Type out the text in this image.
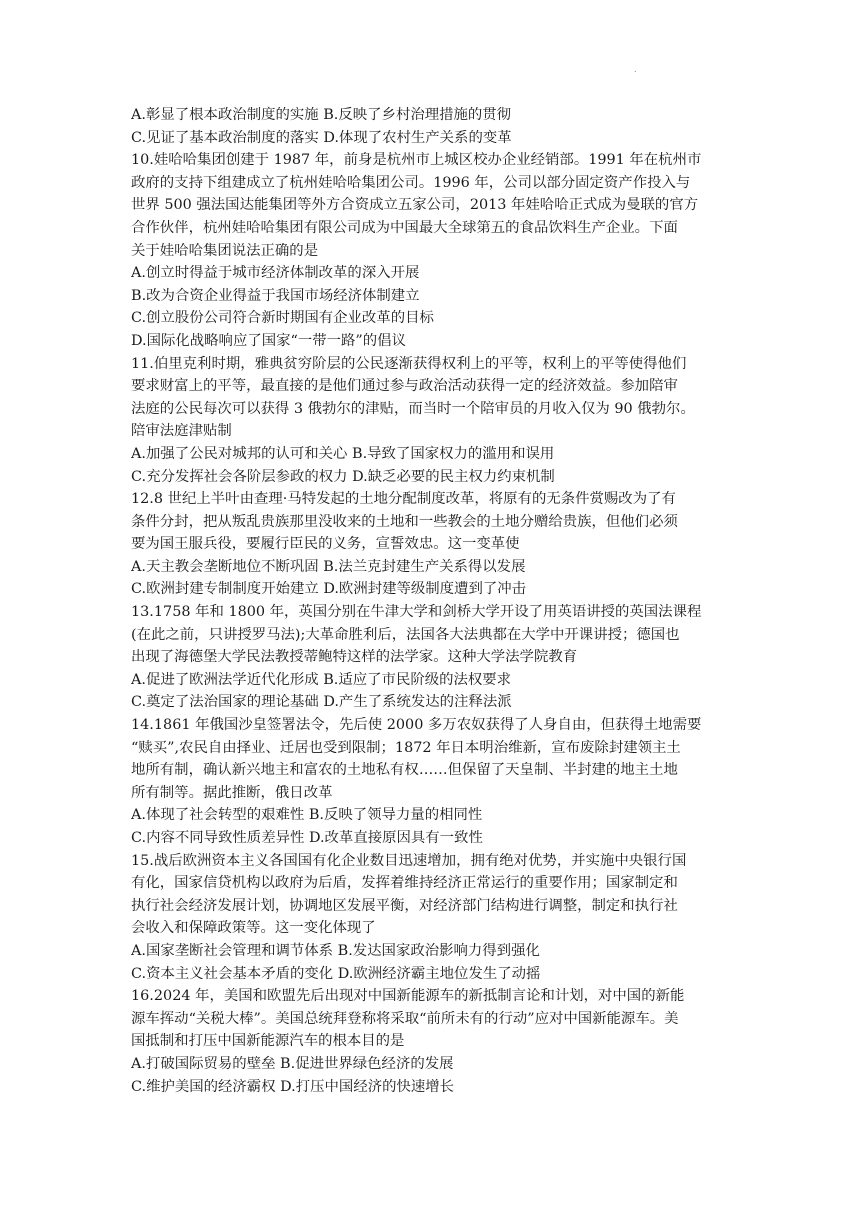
.
A.彰显了根本政治制度的实施 B.反映了乡村治理措施的贯彻
C.见证了基本政治制度的落实 D.体现了农村生产关系的变革
10.娃哈哈集团创建于 1987 年，前身是杭州市上城区校办企业经销部。1991 年在杭州市
政府的支持下组建成立了杭州娃哈哈集团公司。1996 年，公司以部分固定资产作投入与
世界 500 强法国达能集团等外方合资成立五家公司，2013 年娃哈哈正式成为曼联的官方
合作伙伴，杭州娃哈哈集团有限公司成为中国最大全球第五的食品饮料生产企业。下面
关于娃哈哈集团说法正确的是
A.创立时得益于城市经济体制改革的深入开展
B.改为合资企业得益于我国市场经济体制建立
C.创立股份公司符合新时期国有企业改革的目标
D.国际化战略响应了国家“一带一路”的倡议
11.伯里克利时期，雅典贫穷阶层的公民逐渐获得权利上的平等，权利上的平等使得他们
要求财富上的平等，最直接的是他们通过参与政治活动获得一定的经济效益。参加陪审
法庭的公民每次可以获得 3 俄勃尔的津贴，而当时一个陪审员的月收入仅为 90 俄勃尔。
陪审法庭津贴制
A.加强了公民对城邦的认可和关心 B.导致了国家权力的滥用和误用
C.充分发挥社会各阶层参政的权力 D.缺乏必要的民主权力约束机制
12.8 世纪上半叶由查理·马特发起的土地分配制度改革，将原有的无条件赏赐改为了有
条件分封，把从叛乱贵族那里没收来的土地和一些教会的土地分赠给贵族，但他们必须
要为国王服兵役，要履行臣民的义务，宣誓效忠。这一变革使
A.天主教会垄断地位不断巩固 B.法兰克封建生产关系得以发展
C.欧洲封建专制制度开始建立 D.欧洲封建等级制度遭到了冲击
13.1758 年和 1800 年，英国分别在牛津大学和剑桥大学开设了用英语讲授的英国法课程
(在此之前，只讲授罗马法);大革命胜利后，法国各大法典都在大学中开课讲授；德国也
出现了海德堡大学民法教授蒂鲍特这样的法学家。这种大学法学院教育
A.促进了欧洲法学近代化形成 B.适应了市民阶级的法权要求
C.奠定了法治国家的理论基础 D.产生了系统发达的注释法派
14.1861 年俄国沙皇签署法令，先后使 2000 多万农奴获得了人身自由，但获得土地需要
“赎买”,农民自由择业、迁居也受到限制；1872 年日本明治维新，宣布废除封建领主土
地所有制，确认新兴地主和富农的土地私有权……但保留了天皇制、半封建的地主土地
所有制等。据此推断，俄日改革
A.体现了社会转型的艰难性 B.反映了领导力量的相同性
C.内容不同导致性质差异性 D.改革直接原因具有一致性
15.战后欧洲资本主义各国国有化企业数目迅速增加，拥有绝对优势，并实施中央银行国
有化，国家信贷机构以政府为后盾，发挥着维持经济正常运行的重要作用；国家制定和
执行社会经济发展计划，协调地区发展平衡，对经济部门结构进行调整，制定和执行社
会收入和保障政策等。这一变化体现了
A.国家垄断社会管理和调节体系 B.发达国家政治影响力得到强化
C.资本主义社会基本矛盾的变化 D.欧洲经济霸主地位发生了动摇
16.2024 年，美国和欧盟先后出现对中国新能源车的新抵制言论和计划，对中国的新能
源车挥动“关税大棒”。美国总统拜登称将采取“前所未有的行动”应对中国新能源车。美
国抵制和打压中国新能源汽车的根本目的是
A.打破国际贸易的壁垒 B.促进世界绿色经济的发展
C.维护美国的经济霸权 D.打压中国经济的快速增长
